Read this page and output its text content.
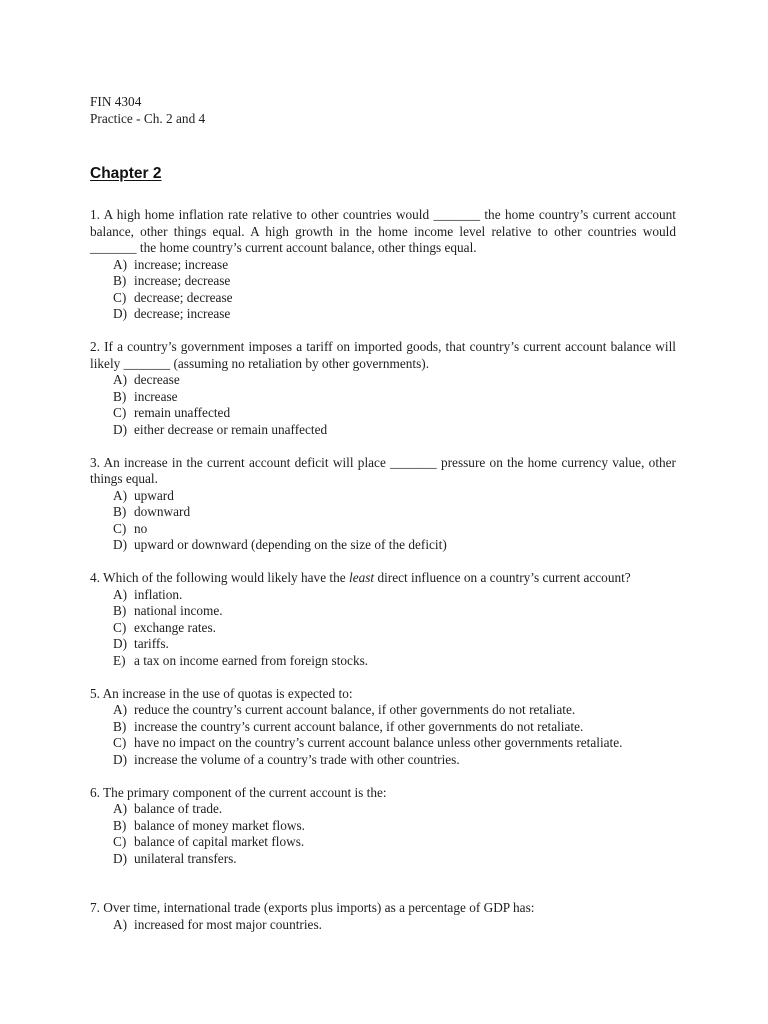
FIN 4304
Practice - Ch. 2 and 4
Chapter 2

1. A high home inflation rate relative to other countries would _______ the home country’s current account balance, other things equal. A high growth in the home income level relative to other countries would _______ the home country’s current account balance, other things equal.

A) increase; increase
B) increase; decrease
C) decrease; decrease
D) decrease; increase

2. If a country’s government imposes a tariff on imported goods, that country’s current account balance will likely _______ (assuming no retaliation by other governments).

A) decrease
B) increase
C) remain unaffected
D) either decrease or remain unaffected

3. An increase in the current account deficit will place _______ pressure on the home currency value, other things equal.

A) upward
B) downward
C) no
D) upward or downward (depending on the size of the deficit)

4. Which of the following would likely have the least direct influence on a country’s current account?

A) inflation.
B) national income.
C) exchange rates.
D) tariffs.
E) a tax on income earned from foreign stocks.

5. An increase in the use of quotas is expected to:

A) reduce the country’s current account balance, if other governments do not retaliate.
B) increase the country’s current account balance, if other governments do not retaliate.
C) have no impact on the country’s current account balance unless other governments retaliate.
D) increase the volume of a country’s trade with other countries.

6. The primary component of the current account is the:

A) balance of trade.
B) balance of money market flows.
C) balance of capital market flows.
D) unilateral transfers.

7. Over time, international trade (exports plus imports) as a percentage of GDP has:

A) increased for most major countries.
